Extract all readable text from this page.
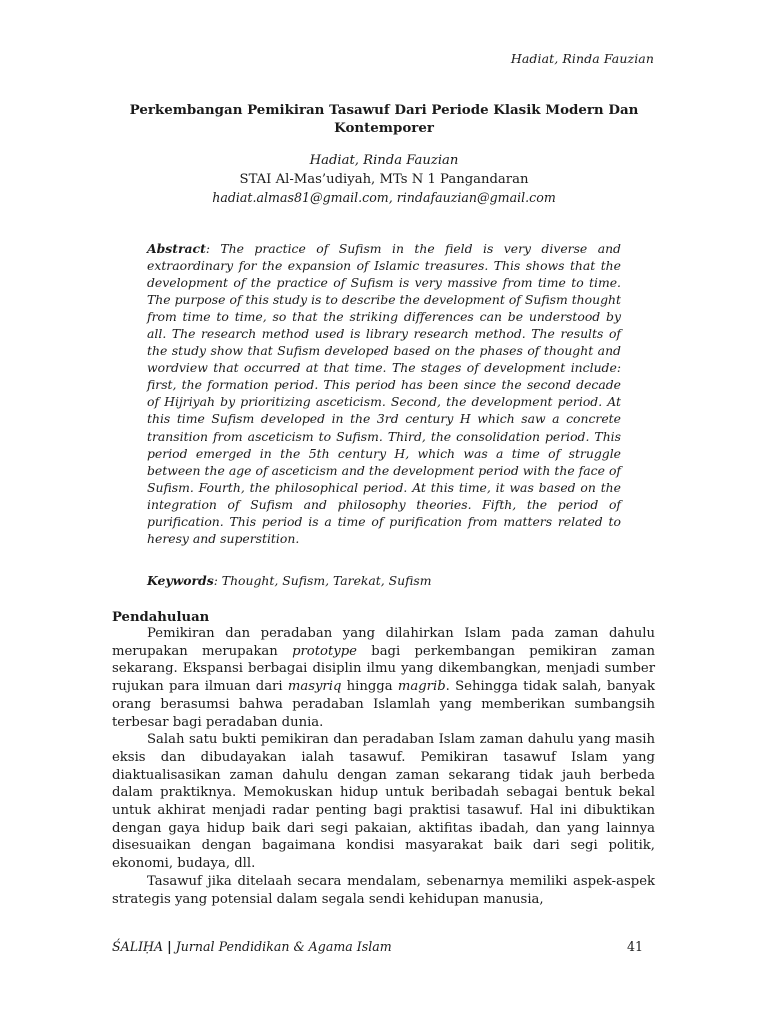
Hadiat, Rinda Fauzian
Perkembangan Pemikiran Tasawuf Dari Periode Klasik Modern Dan Kontemporer
Hadiat, Rinda Fauzian
STAI Al-Mas’udiyah, MTs N 1 Pangandaran
hadiat.almas81@gmail.com, rindafauzian@gmail.com
Abstract: The practice of Sufism in the field is very diverse and extraordinary for the expansion of Islamic treasures. This shows that the development of the practice of Sufism is very massive from time to time. The purpose of this study is to describe the development of Sufism thought from time to time, so that the striking differences can be understood by all. The research method used is library research method. The results of the study show that Sufism developed based on the phases of thought and wordview that occurred at that time. The stages of development include: first, the formation period. This period has been since the second decade of Hijriyah by prioritizing asceticism. Second, the development period. At this time Sufism developed in the 3rd century H which saw a concrete transition from asceticism to Sufism. Third, the consolidation period. This period emerged in the 5th century H, which was a time of struggle between the age of asceticism and the development period with the face of Sufism. Fourth, the philosophical period. At this time, it was based on the integration of Sufism and philosophy theories. Fifth, the period of purification. This period is a time of purification from matters related to heresy and superstition.
Keywords: Thought, Sufism, Tarekat, Sufism
Pendahuluan

Pemikiran dan peradaban yang dilahirkan Islam pada zaman dahulu merupakan merupakan prototype bagi perkembangan pemikiran zaman sekarang. Ekspansi berbagai disiplin ilmu yang dikembangkan, menjadi sumber rujukan para ilmuan dari masyriq hingga magrib. Sehingga tidak salah, banyak orang berasumsi bahwa peradaban Islamlah yang memberikan sumbangsih terbesar bagi peradaban dunia.

Salah satu bukti pemikiran dan peradaban Islam zaman dahulu yang masih eksis dan dibudayakan ialah tasawuf. Pemikiran tasawuf Islam yang diaktualisasikan zaman dahulu dengan zaman sekarang tidak jauh berbeda dalam praktiknya. Memokuskan hidup untuk beribadah sebagai bentuk bekal untuk akhirat menjadi radar penting bagi praktisi tasawuf. Hal ini dibuktikan dengan gaya hidup baik dari segi pakaian, aktifitas ibadah, dan yang lainnya disesuaikan dengan bagaimana kondisi masyarakat baik dari segi politik, ekonomi, budaya, dll.

Tasawuf jika ditelaah secara mendalam, sebenarnya memiliki aspek-aspek strategis yang potensial dalam segala sendi kehidupan manusia,

ŚALIḤA | Jurnal Pendidikan & Agama Islam	41
